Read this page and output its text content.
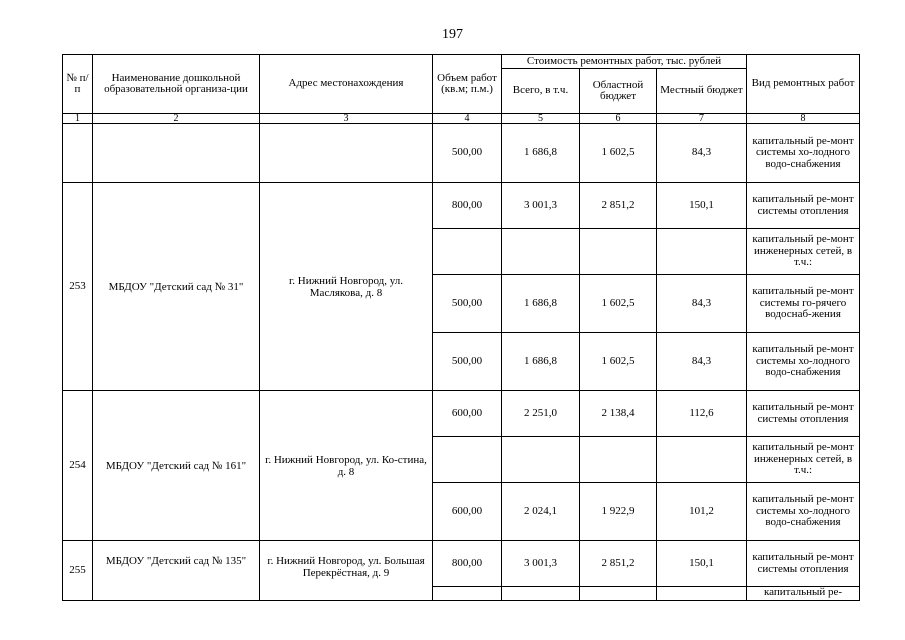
197
№ п/п	Наименование дошкольной образовательной организа-ции	Адрес местонахождения	Объем работ (кв.м; п.м.)	Стоимость ремонтных работ, тыс. рублей			Вид ремонтных работ
				Всего, в т.ч.	Областной бюджет	Местный бюджет	
1	2	3	4	5	6	7	8
			500,00	1 686,8	1 602,5	84,3	капитальный ре-монт системы хо-лодного водо-снабжения
253	МБДОУ "Детский сад № 31"	г. Нижний Новгород, ул. Маслякова, д. 8	800,00	3 001,3	2 851,2	150,1	капитальный ре-монт системы отопления
							капитальный ре-монт инженерных сетей, в т.ч.:
			500,00	1 686,8	1 602,5	84,3	капитальный ре-монт системы го-рячего водоснаб-жения
			500,00	1 686,8	1 602,5	84,3	капитальный ре-монт системы хо-лодного водо-снабжения
254	МБДОУ "Детский сад № 161"	г. Нижний Новгород, ул. Ко-стина, д. 8	600,00	2 251,0	2 138,4	112,6	капитальный ре-монт системы отопления
							капитальный ре-монт инженерных сетей, в т.ч.:
			600,00	2 024,1	1 922,9	101,2	капитальный ре-монт системы хо-лодного водо-снабжения
255	МБДОУ "Детский сад № 135"	г. Нижний Новгород, ул. Большая Перекрёстная, д. 9	800,00	3 001,3	2 851,2	150,1	капитальный ре-монт системы отопления
							капитальный ре-
